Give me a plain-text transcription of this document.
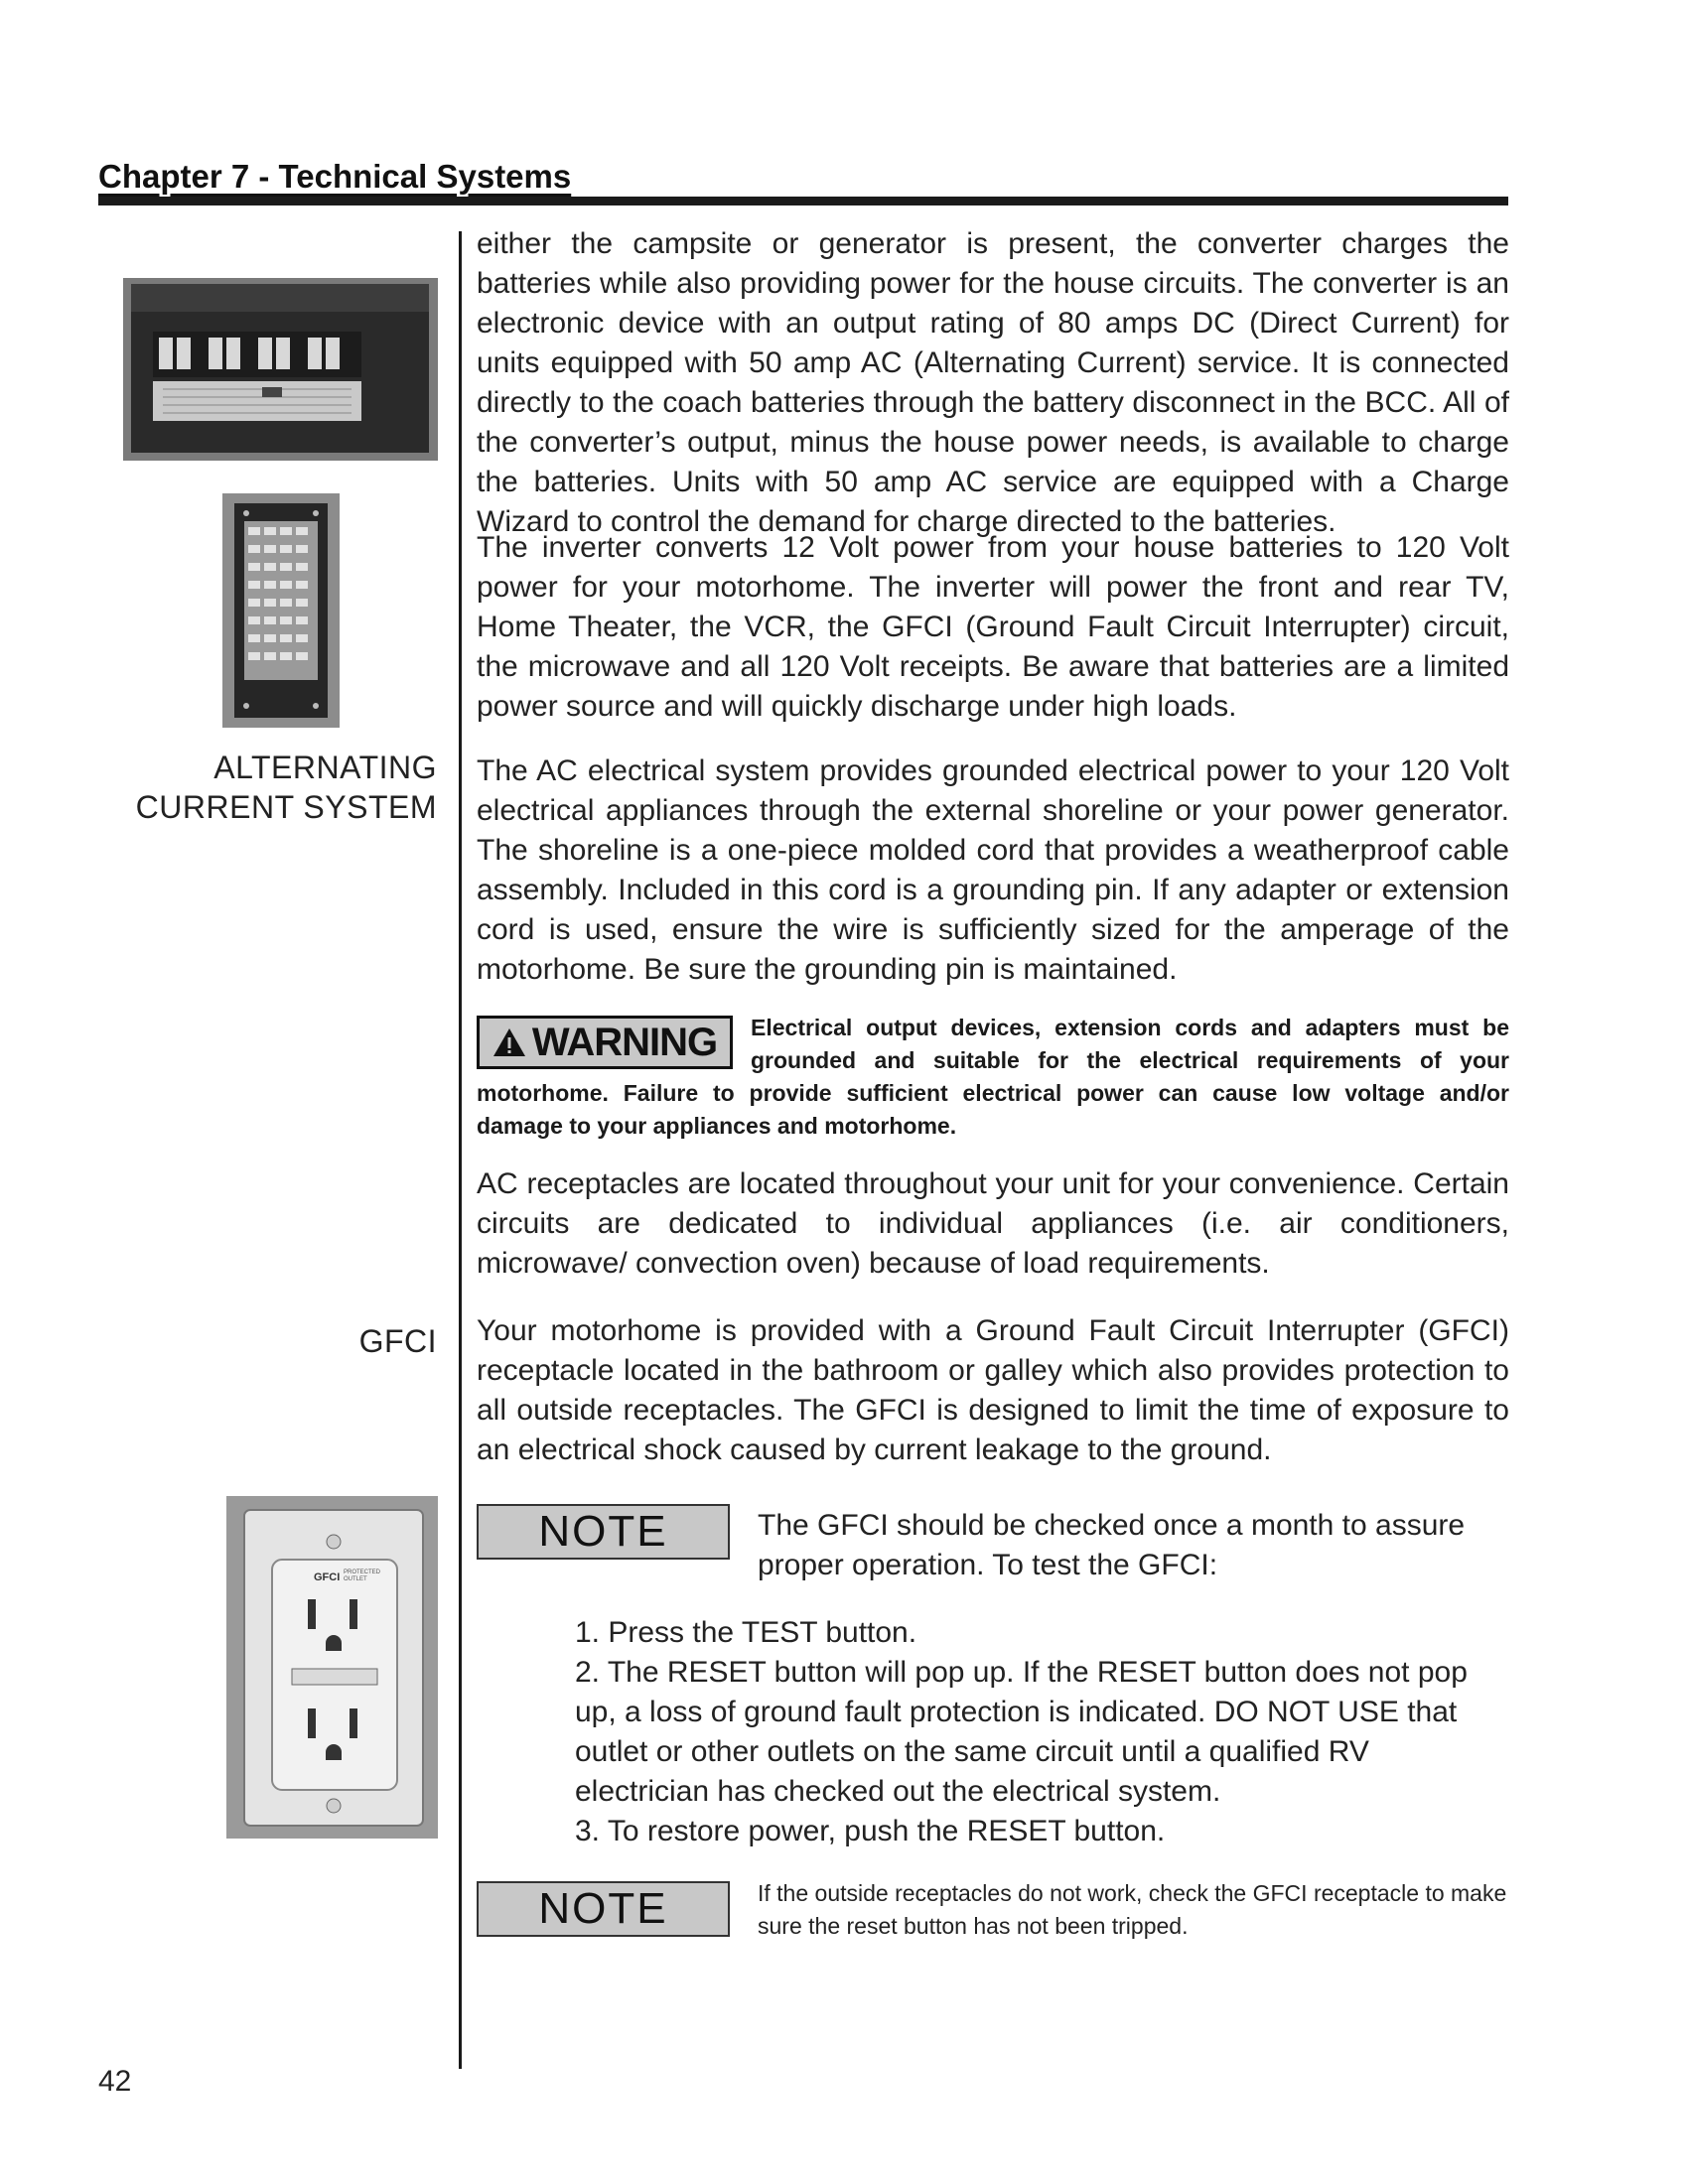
Chapter 7 - Technical Systems
ALTERNATING
CURRENT SYSTEM
GFCI
GFCI PROTECTED OUTLET

either the campsite or generator is present, the converter charges the batteries while also providing power for the house circuits. The converter is an electronic device with an output rating of 80 amps DC (Direct Current) for units equipped with 50 amp AC (Alternating Current) service. It is connected directly to the coach batteries through the battery disconnect in the BCC. All of the converter’s output, minus the house power needs, is available to charge the batteries. Units with 50 amp AC service are equipped with a Charge Wizard to control the demand for charge directed to the batteries.

The inverter converts 12 Volt power from your house batteries to 120 Volt power for your motorhome. The inverter will power the front and rear TV, Home Theater, the VCR, the GFCI (Ground Fault Circuit Interrupter) circuit, the microwave and all 120 Volt receipts. Be aware that batteries are a limited power source and will quickly discharge under high loads.

The AC electrical system provides grounded electrical power to your 120 Volt electrical appliances through the external shoreline or your power generator. The shoreline is a one-piece molded cord that provides a weatherproof cable assembly. Included in this cord is a grounding pin. If any adapter or extension cord is used, ensure the wire is sufficiently sized for the amperage of the motorhome. Be sure the grounding pin is maintained.

WARNING	Electrical output devices, extension cords and adapters must be grounded and suitable for the electrical requirements of your motorhome. Failure to provide sufficient electrical power can cause low voltage and/or damage to your appliances and motorhome.

AC receptacles are located throughout your unit for your convenience. Certain circuits are dedicated to individual appliances (i.e. air conditioners, microwave/ convection oven) because of load requirements.

Your motorhome is provided with a Ground Fault Circuit Interrupter (GFCI) receptacle located in the bathroom or galley which also provides protection to all outside receptacles. The GFCI is designed to limit the time of exposure to an electrical shock caused by current leakage to the ground.

NOTE	The GFCI should be checked once a month to assure proper operation. To test the GFCI:
1. Press the TEST button.
2. The RESET button will pop up. If the RESET button does not pop up, a loss of ground fault protection is indicated. DO NOT USE that outlet or other outlets on the same circuit until a qualified RV electrician has checked out the electrical system.
3. To restore power, push the RESET button.
NOTE	If the outside receptacles do not work, check the GFCI receptacle to make sure the reset button has not been tripped.
42
